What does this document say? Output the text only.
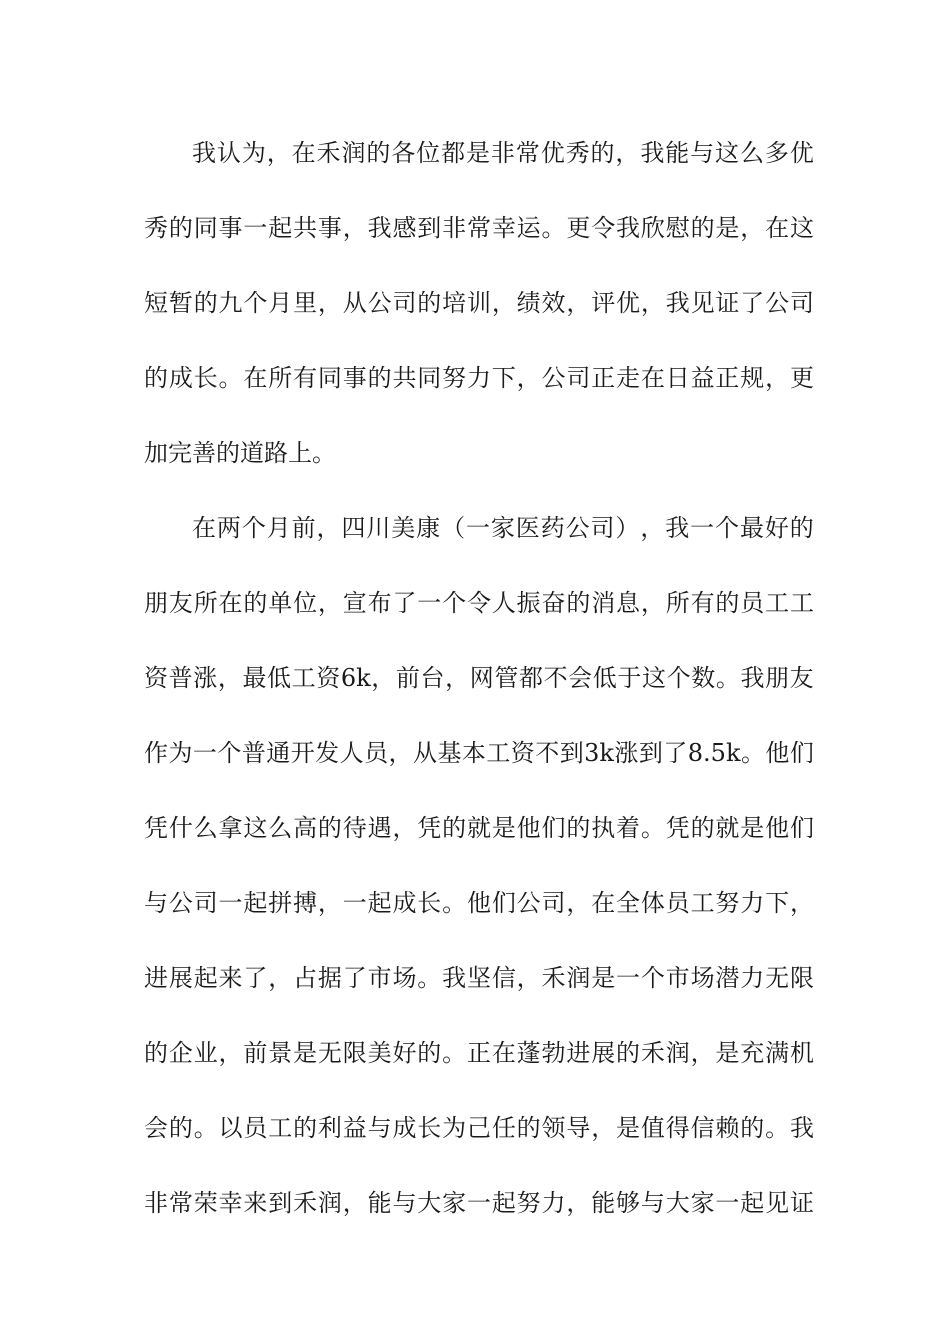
我 认 为 ， 在 禾 润 的 各 位 都 是 非 常 优 秀 的 ， 我 能 与 这 么 多 优
秀 的 同 事 一 起 共 事 ， 我 感 到 非 常 幸 运 。 更 令 我 欣 慰 的 是 ， 在 这
短 暂 的 九 个 月 里 ， 从 公 司 的 培 训 ， 绩 效 ， 评 优 ， 我 见 证 了 公 司
的 成 长 。 在 所 有 同 事 的 共 同 努 力 下 ， 公 司 正 走 在 日 益 正 规 ， 更
加完善的道路上。
在 两 个 月 前 ， 四 川 美 康 （ 一 家 医 药 公 司 ） ， 我 一 个 最 好 的
朋 友 所 在 的 单 位 ， 宣 布 了 一 个 令 人 振 奋 的 消 息 ， 所 有 的 员 工 工
资 普 涨 ， 最 低 工 资 6k ， 前 台 ， 网 管 都 不 会 低 于 这 个 数 。 我 朋 友
作 为 一 个 普 通 开 发 人 员 ， 从 基 本 工 资 不 到 3k 涨 到 了 8.5k 。 他 们
凭 什 么 拿 这 么 高 的 待 遇 ， 凭 的 就 是 他 们 的 执 着 。 凭 的 就 是 他 们
与 公 司 一 起 拼 搏 ， 一 起 成 长 。 他 们 公 司 ， 在 全 体 员 工 努 力 下 ，
进 展 起 来 了 ， 占 据 了 市 场 。 我 坚 信 ， 禾 润 是 一 个 市 场 潜 力 无 限
的 企 业 ， 前 景 是 无 限 美 好 的 。 正 在 蓬 勃 进 展 的 禾 润 ， 是 充 满 机
会 的 。 以 员 工 的 利 益 与 成 长 为 己 任 的 领 导 ， 是 值 得 信 赖 的 。 我
非 常 荣 幸 来 到 禾 润 ， 能 与 大 家 一 起 努 力 ， 能 够 与 大 家 一 起 见 证
